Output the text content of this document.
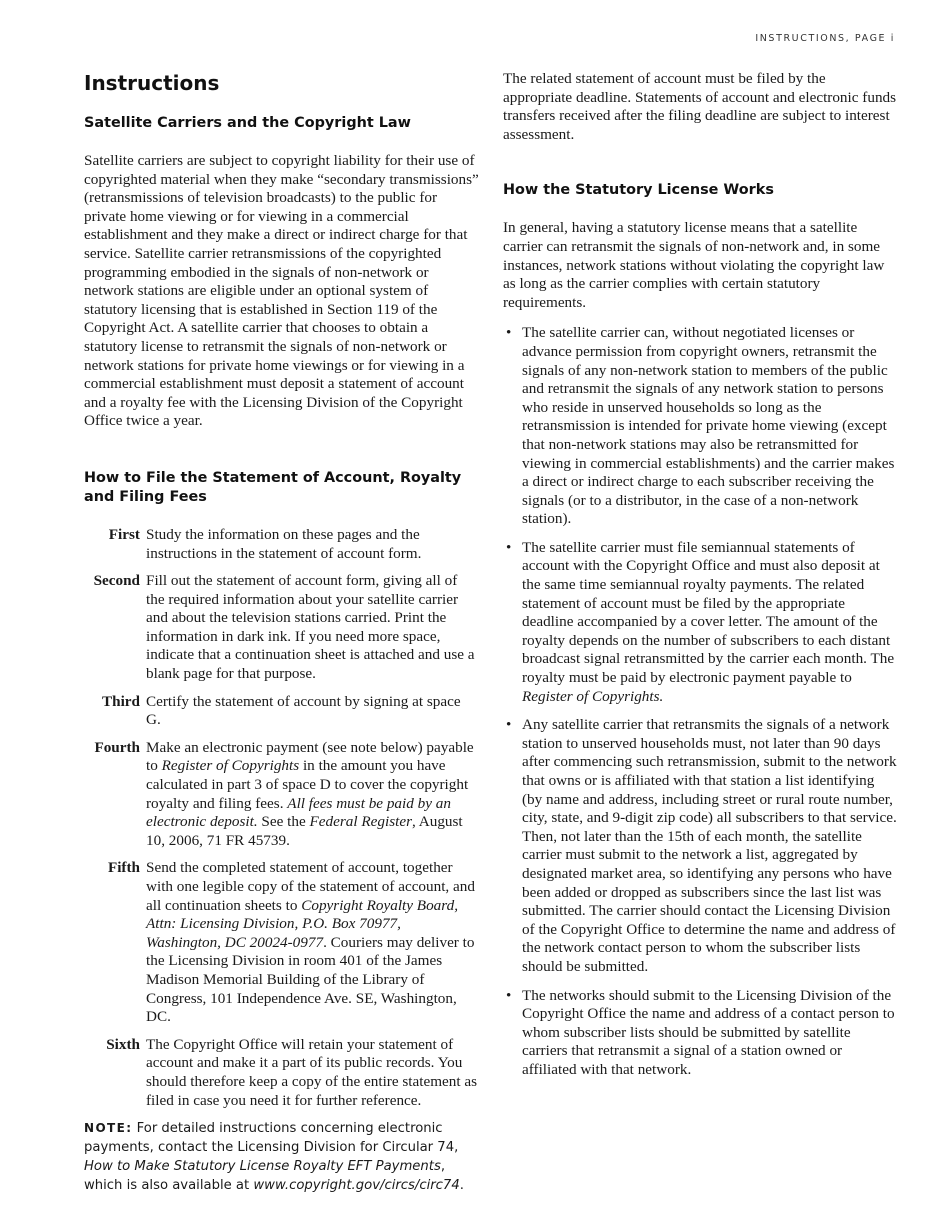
INSTRUCTIONS, PAGE i
Instructions
Satellite Carriers and the Copyright Law

Satellite carriers are subject to copyright liability for their use of copyrighted material when they make “secondary transmissions” (retransmissions of television broadcasts) to the public for private home viewing or for viewing in a commercial establishment and they make a direct or indirect charge for that service. Satellite carrier retransmissions of the copyrighted programming embodied in the signals of non-network or network stations are eligible under an optional system of statutory licensing that is established in Section 119 of the Copyright Act. A satellite carrier that chooses to obtain a statutory license to retransmit the signals of non-network or network stations for private home viewings or for viewing in a commercial establishment must deposit a statement of account and a royalty fee with the Licensing Division of the Copyright Office twice a year.

How to File the Statement of Account, Royalty and Filing Fees
First Study the information on these pages and the instructions in the statement of account form.
Second Fill out the statement of account form, giving all of the required information about your satellite carrier and about the television stations carried. Print the information in dark ink. If you need more space, indicate that a continuation sheet is attached and use a blank page for that purpose.
Third Certify the statement of account by signing at space G.
Fourth Make an electronic payment (see note below) payable to Register of Copyrights in the amount you have calculated in part 3 of space D to cover the copyright royalty and filing fees. All fees must be paid by an electronic deposit. See the Federal Register, August 10, 2006, 71 FR 45739.
Fifth Send the completed statement of account, together with one legible copy of the statement of account, and all continuation sheets to Copyright Royalty Board, Attn: Licensing Division, P.O. Box 70977, Washington, DC 20024-0977. Couriers may deliver to the Licensing Division in room 401 of the James Madison Memorial Building of the Library of Congress, 101 Independence Ave. SE, Washington, DC.
Sixth The Copyright Office will retain your statement of account and make it a part of its public records. You should therefore keep a copy of the entire statement as filed in case you need it for further reference.
NOTE: For detailed instructions concerning electronic payments, contact the Licensing Division for Circular 74, How to Make Statutory License Royalty EFT Payments, which is also available at www.copyright.gov/circs/circ74.

The related statement of account must be filed by the appropriate deadline. Statements of account and electronic funds transfers received after the filing deadline are subject to interest assessment.

How the Statutory License Works

In general, having a statutory license means that a satellite carrier can retransmit the signals of non-network and, in some instances, network stations without violating the copyright law as long as the carrier complies with certain statutory requirements.

• The satellite carrier can, without negotiated licenses or advance permission from copyright owners, retransmit the signals of any non-network station to members of the public and retransmit the signals of any network station to persons who reside in unserved households so long as the retransmission is intended for private home viewing (except that non-network stations may also be retransmitted for viewing in commercial establishments) and the carrier makes a direct or indirect charge to each subscriber receiving the signals (or to a distributor, in the case of a non-network station).
• The satellite carrier must file semiannual statements of account with the Copyright Office and must also deposit at the same time semiannual royalty payments. The related statement of account must be filed by the appropriate deadline accompanied by a cover letter. The amount of the royalty depends on the number of subscribers to each distant broadcast signal retransmitted by the carrier each month. The royalty must be paid by electronic payment payable to Register of Copyrights.
• Any satellite carrier that retransmits the signals of a network station to unserved households must, not later than 90 days after commencing such retransmission, submit to the network that owns or is affiliated with that station a list identifying (by name and address, including street or rural route number, city, state, and 9-digit zip code) all subscribers to that service. Then, not later than the 15th of each month, the satellite carrier must submit to the network a list, aggregated by designated market area, so identifying any persons who have been added or dropped as subscribers since the last list was submitted. The carrier should contact the Licensing Division of the Copyright Office to determine the name and address of the network contact person to whom the subscriber lists should be submitted.
• The networks should submit to the Licensing Division of the Copyright Office the name and address of a contact person to whom subscriber lists should be submitted by satellite carriers that retransmit a signal of a station owned or affiliated with that network.
